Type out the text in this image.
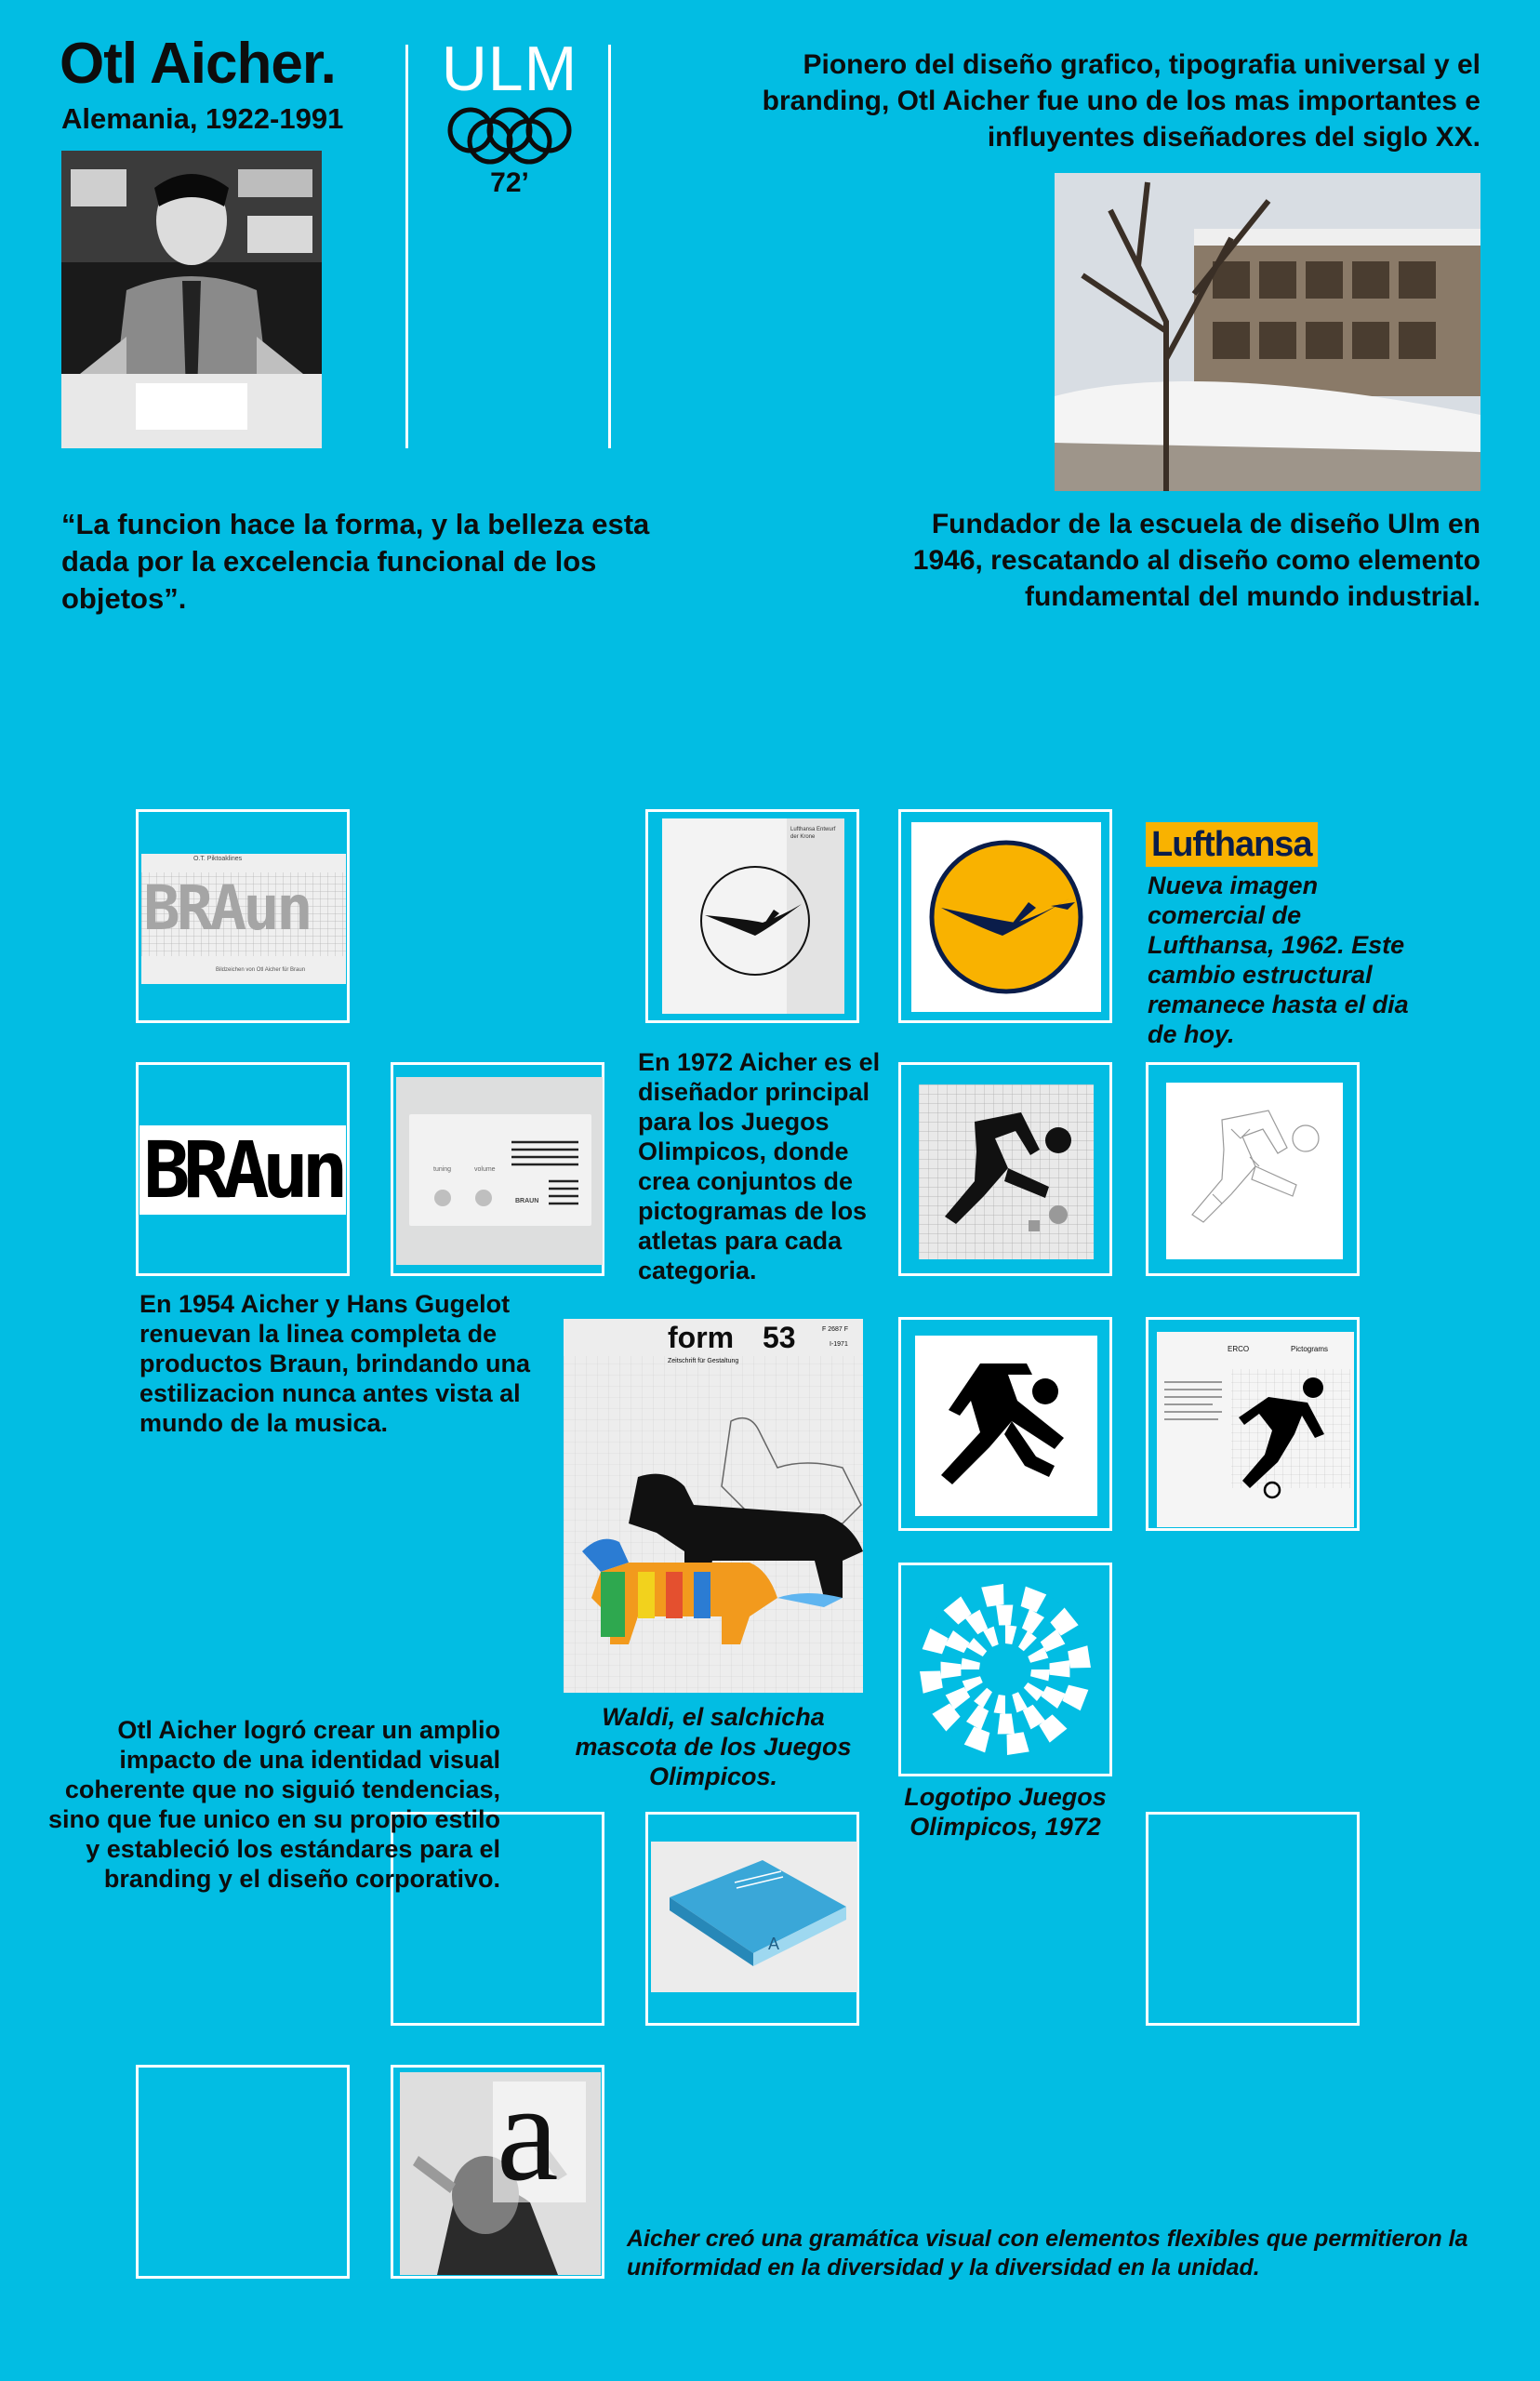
Otl Aicher.
Alemania, 1922-1991
ULM
72’
Pionero del diseño grafico, tipografia universal y el branding, Otl Aicher fue uno de los mas importantes e influyentes diseñadores del siglo XX.
“La funcion hace la forma, y la belleza esta dada por la excelencia funcional de los objetos”.
Fundador de la escuela de diseño Ulm en 1946, rescatando al diseño como elemento fundamental del mundo industrial.
O.T. Piktoaklines
BRAun
Bildzeichen von Otl Aicher für Braun
Lufthansa Entwurf der Krone	Lufthansa
Nueva imagen comercial de Lufthansa, 1962. Este cambio estructural remanece hasta el dia de hoy.
BRAun	tuning	volume
BRAUN
En 1972 Aicher es el diseñador principal para los Juegos Olimpicos, donde crea conjuntos de pictogramas de los atletas para cada categoria.
En 1954 Aicher y Hans Gugelot renuevan la linea completa de productos Braun, brindando una estilizacion nunca antes vista al mundo de la musica.
form 53
Zeitschrift für Gestaltung
F 2687 F
I-1971
Waldi, el salchicha mascota de los Juegos Olimpicos.
ERCO	Pictograms
Logotipo Juegos Olimpicos, 1972
Otl Aicher logró crear un amplio impacto de una identidad visual coherente que no siguió tendencias, sino que fue unico en su propio estilo y estableció los estándares para el branding y el diseño corporativo.
A
a
Aicher creó una gramática visual con elementos flexibles que permitieron la uniformidad en la diversidad y la diversidad en la unidad.
